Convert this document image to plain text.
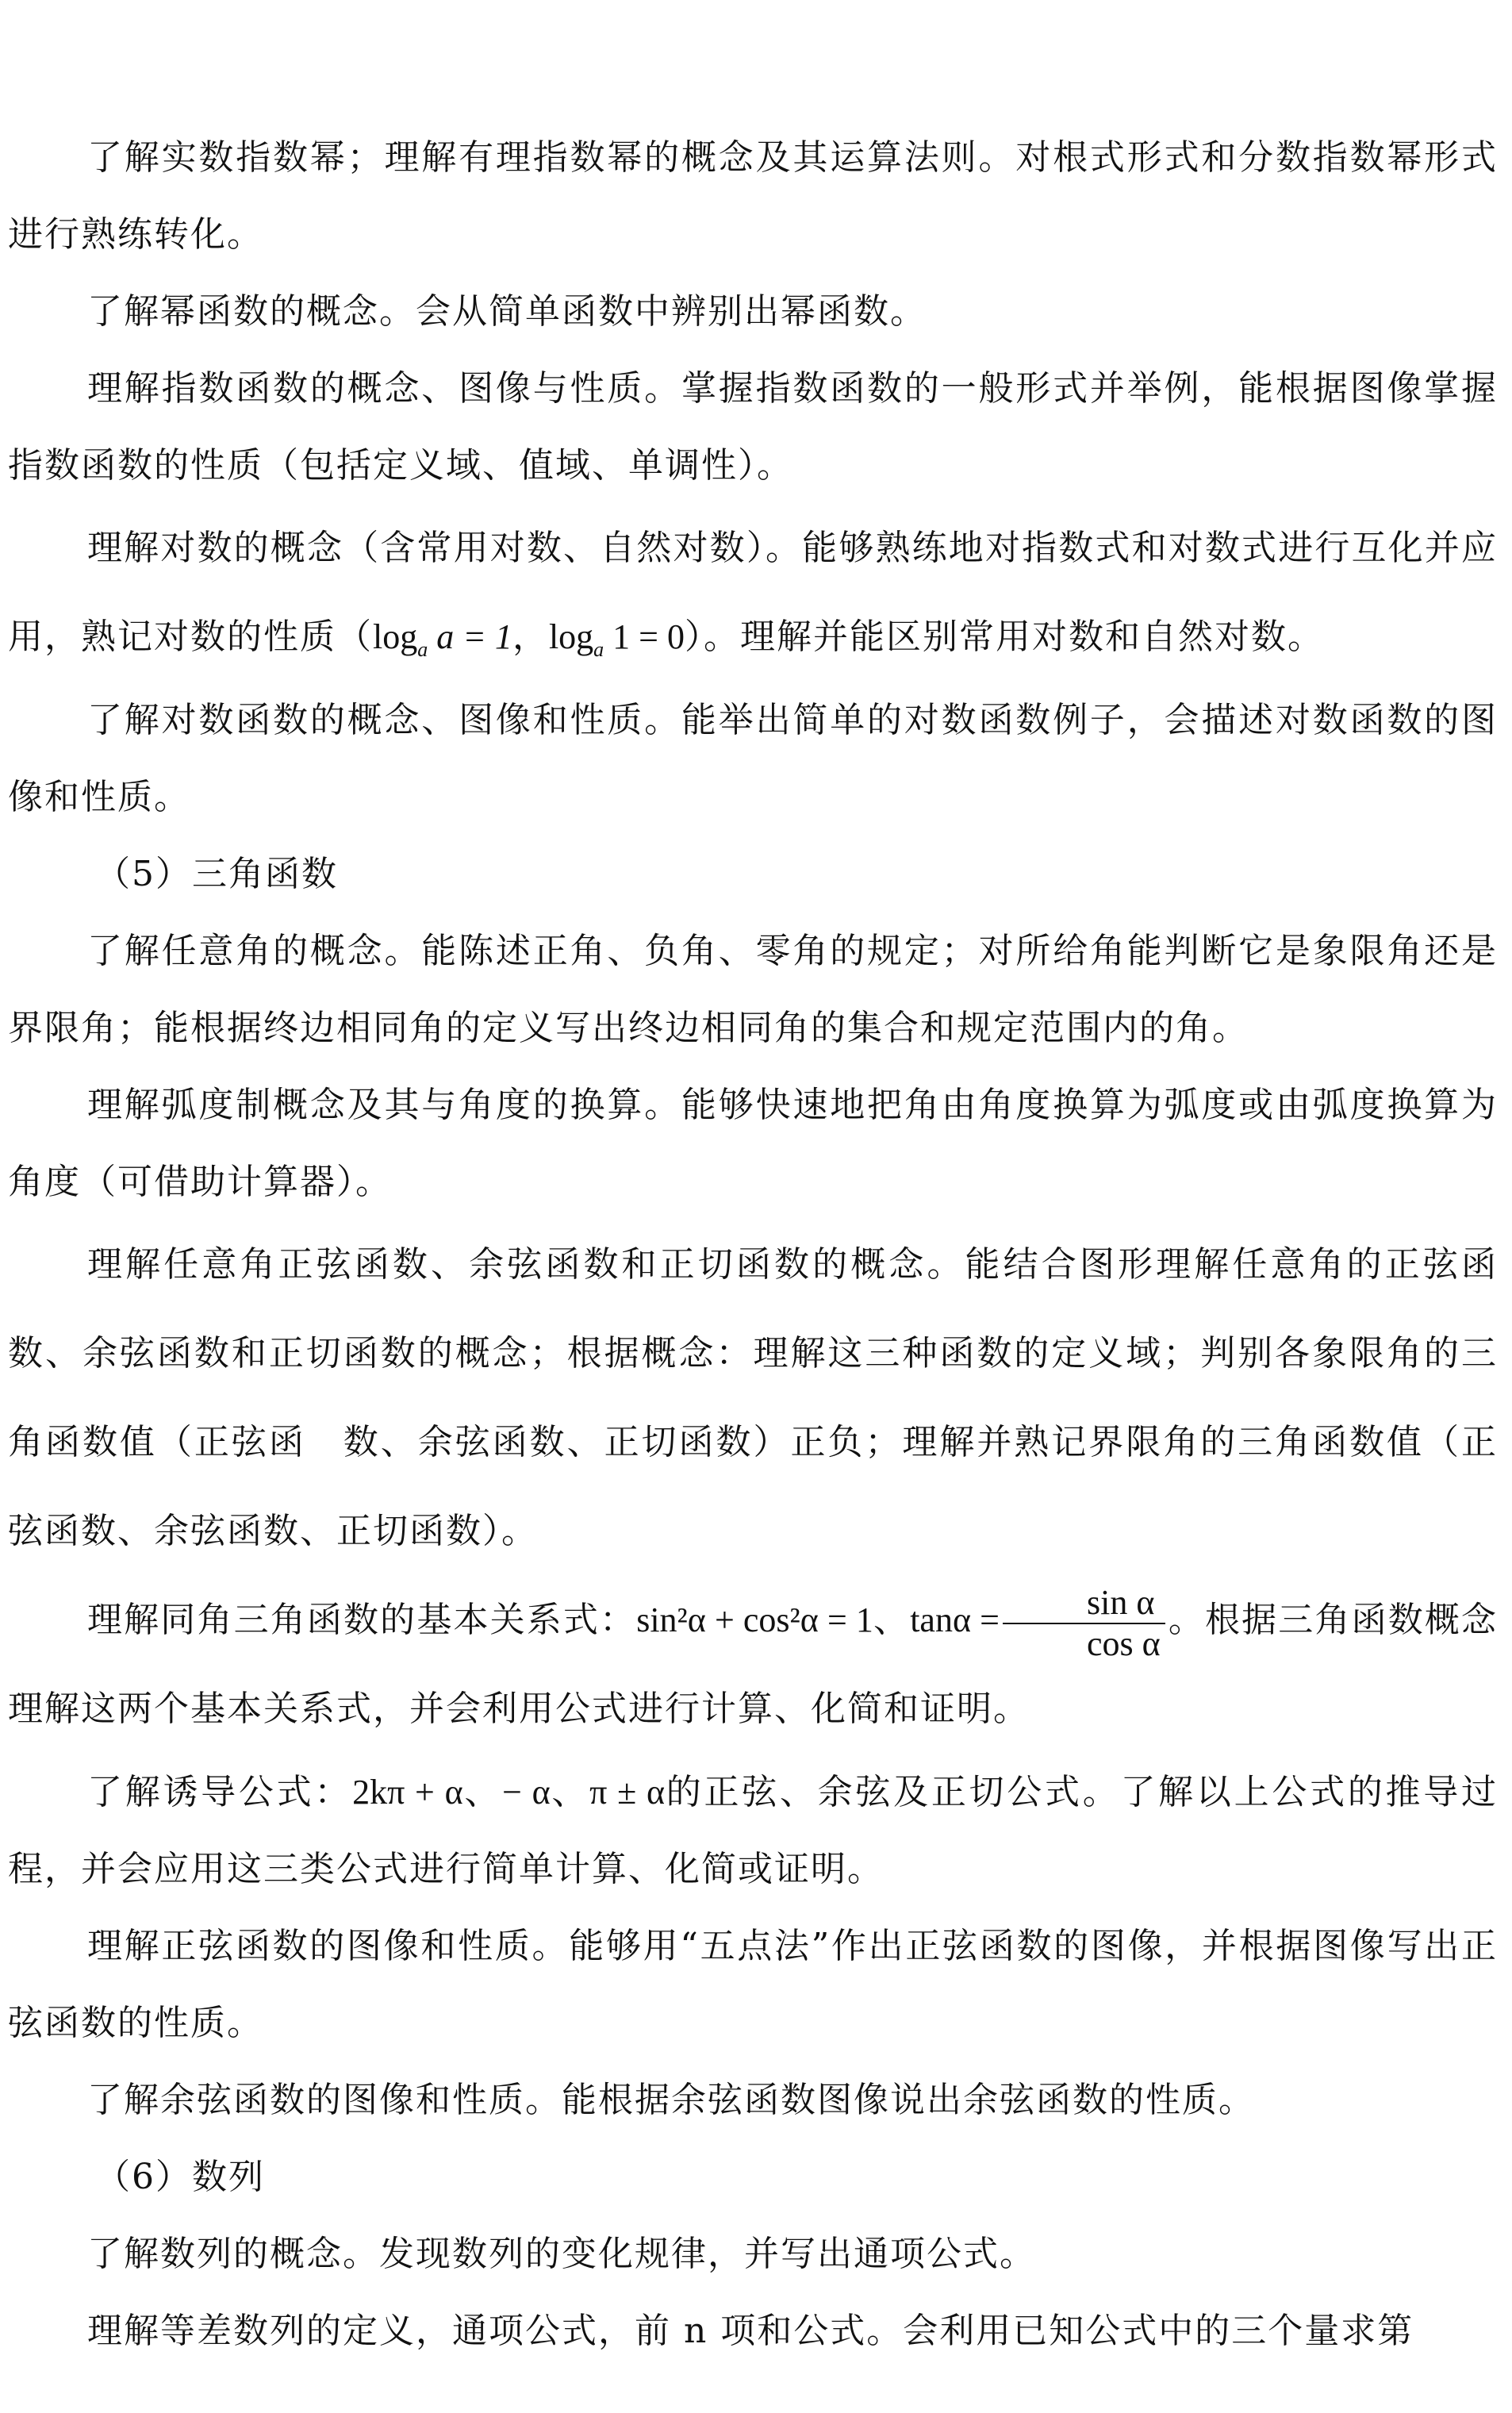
了解实数指数幂；理解有理指数幂的概念及其运算法则。对根式形式和分数指数幂形式进行熟练转化。

了解幂函数的概念。会从简单函数中辨别出幂函数。

理解指数函数的概念、图像与性质。掌握指数函数的一般形式并举例，能根据图像掌握指数函数的性质（包括定义域、值域、单调性）。

理解对数的概念（含常用对数、自然对数）。能够熟练地对指数式和对数式进行互化并应用，熟记对数的性质（$\log_a$ a = 1，$\log_a 1 = 0$）。理解并能区别常用对数和自然对数。

了解对数函数的概念、图像和性质。能举出简单的对数函数例子，会描述对数函数的图像和性质。

（5）三角函数

了解任意角的概念。能陈述正角、负角、零角的规定；对所给角能判断它是象限角还是界限角；能根据终边相同角的定义写出终边相同角的集合和规定范围内的角。

理解弧度制概念及其与角度的换算。能够快速地把角由角度换算为弧度或由弧度换算为角度（可借助计算器）。

理解任意角正弦函数、余弦函数和正切函数的概念。能结合图形理解任意角的正弦函数、余弦函数和正切函数的概念；根据概念：理解这三种函数的定义域；判别各象限角的三角函数值（正弦函　数、余弦函数、正切函数）正负；理解并熟记界限角的三角函数值（正弦函数、余弦函数、正切函数）。

理解同角三角函数的基本关系式：sin²α + cos²α = 1、$\tan\alpha = \frac{\text{sin α}}{\text{cos α}}$ 。根据三角函数概念理解这两个基本关系式，并会利用公式进行计算、化简和证明。

了解诱导公式：2kπ + α、− α、π ± α的正弦、余弦及正切公式。了解以上公式的推导过程，并会应用这三类公式进行简单计算、化简或证明。

理解正弦函数的图像和性质。能够用“五点法”作出正弦函数的图像，并根据图像写出正弦函数的性质。

了解余弦函数的图像和性质。能根据余弦函数图像说出余弦函数的性质。

（6）数列

了解数列的概念。发现数列的变化规律，并写出通项公式。

理解等差数列的定义，通项公式，前 n 项和公式。会利用已知公式中的三个量求第
